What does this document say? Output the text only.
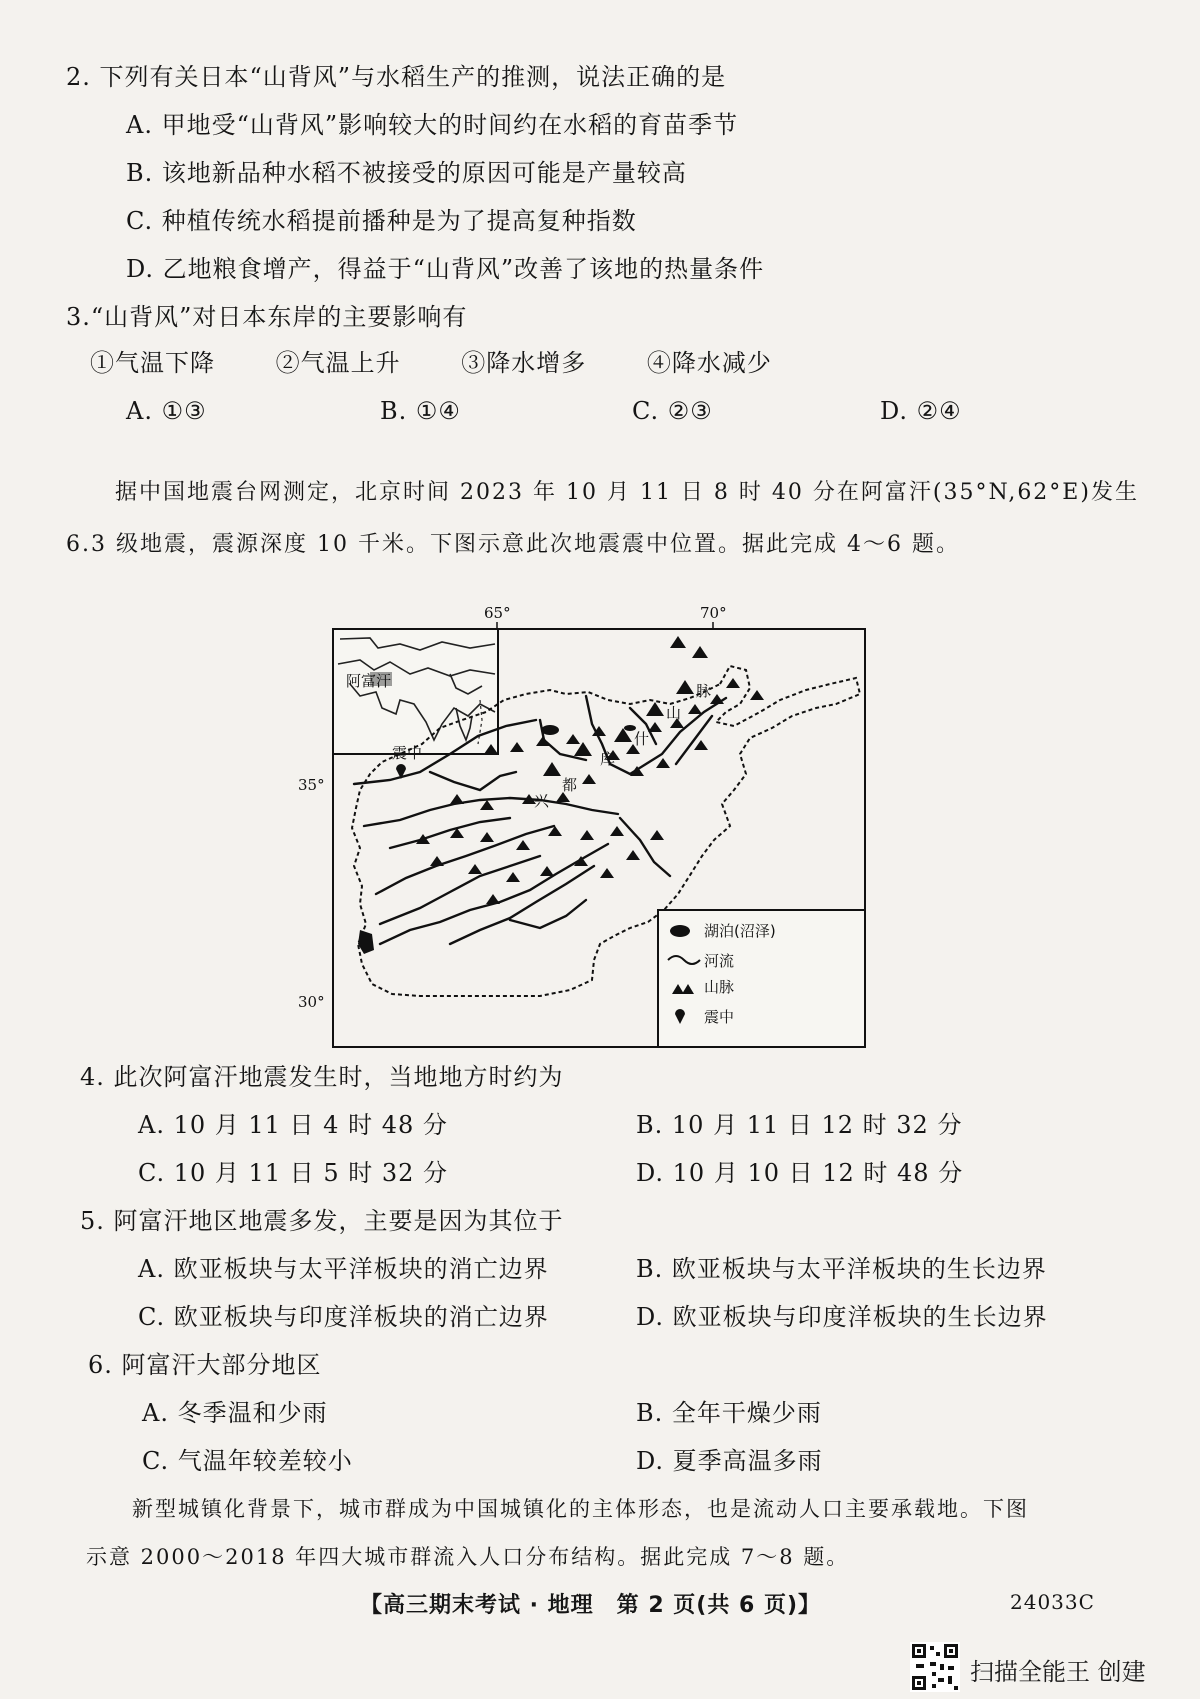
2. 下列有关日本“山背风”与水稻生产的推测，说法正确的是
A. 甲地受“山背风”影响较大的时间约在水稻的育苗季节
B. 该地新品种水稻不被接受的原因可能是产量较高
C. 种植传统水稻提前播种是为了提高复种指数
D. 乙地粮食增产，得益于“山背风”改善了该地的热量条件
3.“山背风”对日本东岸的主要影响有
①气温下降	②气温上升	③降水增多	④降水减少
A. ①③	B. ①④	C. ②③	D. ②④
据中国地震台网测定，北京时间 2023 年 10 月 11 日 8 时 40 分在阿富汗(35°N,62°E)发生
6.3 级地震，震源深度 10 千米。下图示意此次地震震中位置。据此完成 4～6 题。
65°	70°
35°
30°
阿富汗
兴
都
库
什
山
脉
震中
湖泊(沼泽)
河流
山脉
震中
4. 此次阿富汗地震发生时，当地地方时约为
A. 10 月 11 日 4 时 48 分	B. 10 月 11 日 12 时 32 分
C. 10 月 11 日 5 时 32 分	D. 10 月 10 日 12 时 48 分
5. 阿富汗地区地震多发，主要是因为其位于
A. 欧亚板块与太平洋板块的消亡边界	B. 欧亚板块与太平洋板块的生长边界
C. 欧亚板块与印度洋板块的消亡边界	D. 欧亚板块与印度洋板块的生长边界
6. 阿富汗大部分地区
A. 冬季温和少雨	B. 全年干燥少雨
C. 气温年较差较小	D. 夏季高温多雨
新型城镇化背景下，城市群成为中国城镇化的主体形态，也是流动人口主要承载地。下图
示意 2000～2018 年四大城市群流入人口分布结构。据此完成 7～8 题。
【高三期末考试 · 地理　第 2 页(共 6 页)】	24033C
扫描全能王 创建
